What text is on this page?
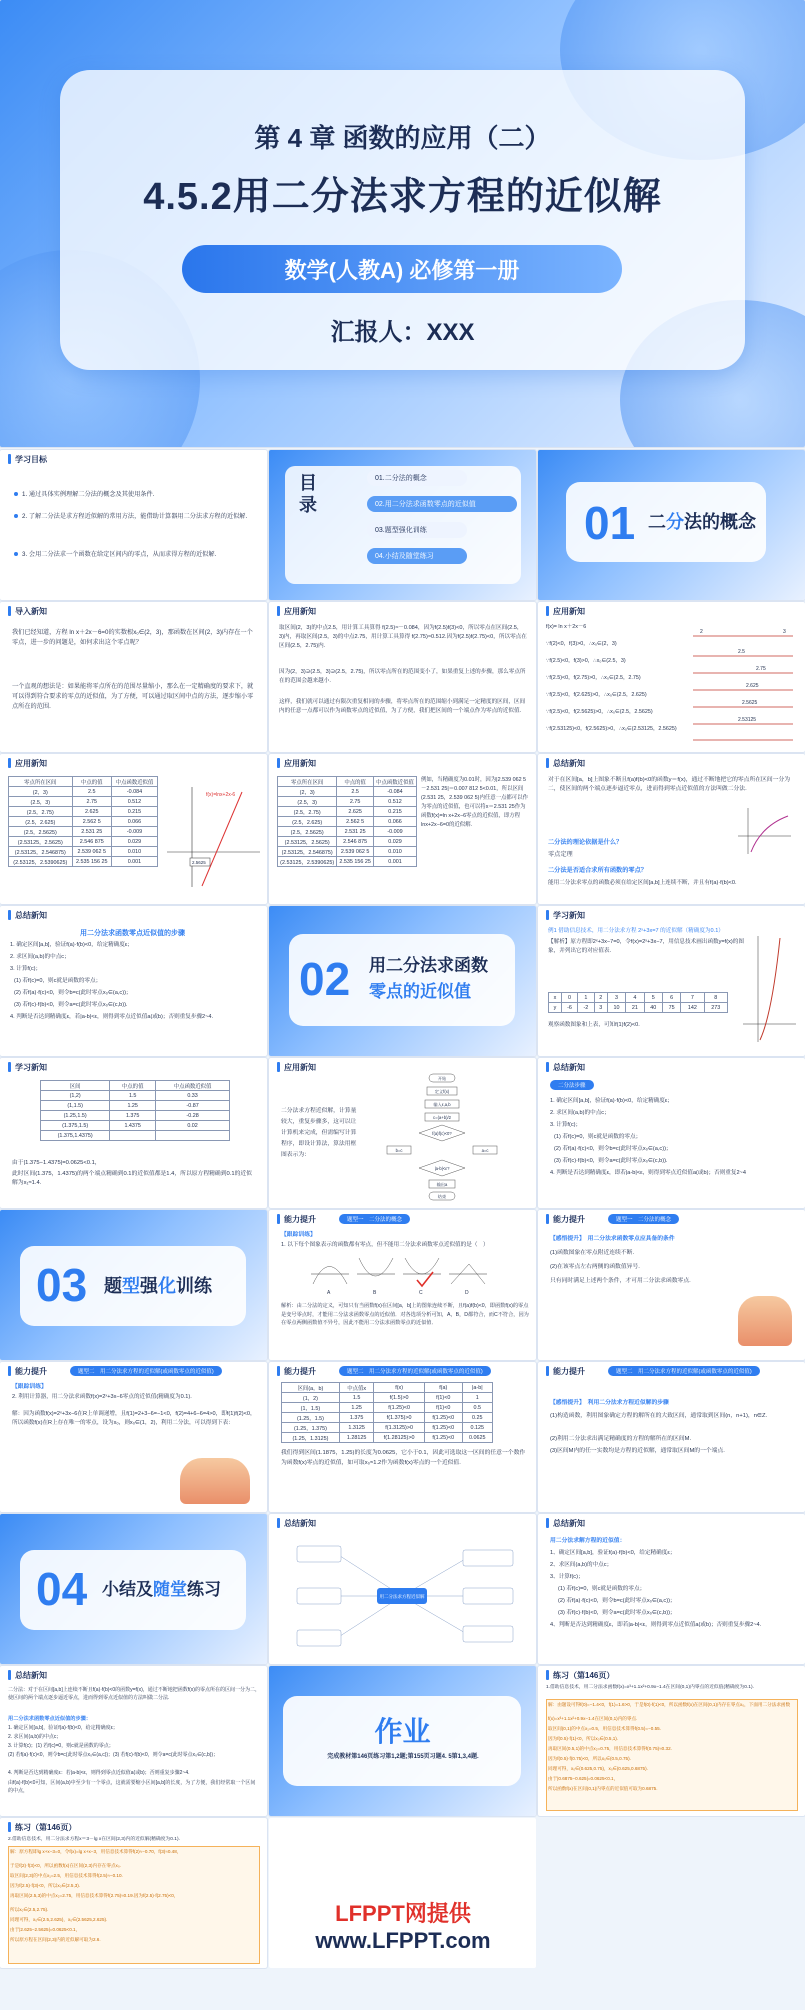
第 4 章 函数的应用（二）
4.5.2用二分法求方程的近似解
数学(人教A) 必修第一册
汇报人：XXX
学习目标
1. 通过具体实例理解二分法的概念及其使用条件.
2. 了解二分法是求方程近似解的常用方法，能借助计算器用二分法求方程的近似解.
3. 会用二分法求一个函数在给定区间内的零点，从而求得方程的近似解.
目录
01.二分法的概念
02.用二分法求函数零点的近似值
03.题型强化训练
04.小结及随堂练习
01 二分法的概念
导入新知
我们已经知道，方程 ln x＋2x－6=0的实数根x₀∈(2，3)，那函数在区间(2，3)内存在一个零点，进一步的问题是，如何求出这个零点呢？
一个直观的想法是：如果能将零点所在的范围尽量缩小，那么在一定精确度的要求下，就可以得到符合要求的零点的近似值，为了方便，可以通过取区间中点的方法，逐步缩小零点所在的范围.
应用新知
取区间(2，3)的中点2.5，用计算工具算得 f(2.5)≈－0.084，因为f(2.5)f(3)<0，所以零点在区间(2.5，3)内，再取区间(2.5，3)的中点2.75，用计算工具算得 f(2.75)≈0.512.因为f(2.5)f(2.75)<0，所以零点在区间(2.5，2.75)内.
因为(2，3)⊇(2.5，3)⊇(2.5，2.75)，所以零点所在的范围变小了，如果重复上述的步骤，那么零点所在的范围会越来越小.
这样，我们就可以通过有限次重复相同的步骤，将零点所在的范围缩小到满足一定精度的区间，区间内的任意一点都可以作为函数零点的近似值，为了方便，我们把区间的一个端点作为零点的近似值.
应用新知
f(x)= ln x＋2x－6
∵f(2)<0，f(3)>0，∴x₀∈(2，3)
∵f(2.5)<0，f(3)>0，∴x₀∈(2.5，3)
∵f(2.5)<0，f(2.75)>0，∴x₀∈(2.5，2.75)
∵f(2.5)<0，f(2.625)>0，∴x₀∈(2.5，2.625)
∵f(2.5)<0，f(2.5625)>0，∴x₀∈(2.5，2.5625)
∵f(2.53125)<0，f(2.5625)>0，∴x₀∈(2.53125，2.5625)
2	3
2.5
2.75
2.625
2.5625
2.53125
应用新知
零点所在区间	中点的值	中点函数近似值
(2，3)	2.5	-0.084
(2.5，3)	2.75	0.512
(2.5，2.75)	2.625	0.215
(2.5，2.625)	2.562 5	0.066
(2.5，2.5625)	2.531 25	-0.009
(2.53125，2.5625)	2.546 875	0.029
(2.53125，2.546875)	2.539 062 5	0.010
(2.53125，2.5390625)	2.535 156 25	0.001
f(x)=lnx+2x-6
2.5625
应用新知
零点所在区间	中点的值	中点函数近似值
(2，3)	2.5	-0.084
(2.5，3)	2.75	0.512
(2.5，2.75)	2.625	0.215
(2.5，2.625)	2.562 5	0.066
(2.5，2.5625)	2.531 25	-0.009
(2.53125，2.5625)	2.546 875	0.029
(2.53125，2.546875)	2.539 062 5	0.010
(2.53125，2.5390625)	2.535 156 25	0.001
例如，当精确度为0.01时，因为|2.539 062 5－2.531 25|＝0.007 812 5<0.01，所以区间(2.531 25，2.539 062 5)内任意一点都可以作为零点的近似值，也可以将x＝2.531 25作为函数f(x)=ln x+2x−6零点的近似值，即方程lnx+2x−6=0的近似解.
总结新知
对于在区间[a，b]上图象不断且f(a)f(b)<0的函数y＝f(x)，通过不断地把它的零点所在区间一分为二，使区间的两个端点逐步逼近零点，进而得到零点近似值的方法叫做二分法.
二分法的理论依据是什么？
零点定理
二分法是否适合求所有函数的零点？
能用二分法求零点的函数必须在给定区间[a,b]上连续不断，并且有f(a)·f(b)<0.
总结新知
用二分法求函数零点近似值的步骤
1. 确定区间[a,b]，验证f(a)·f(b)<0，给定精确度ε；
2. 求区间(a,b)的中点c；
3. 计算f(c)；
(1) 若f(c)=0，则c就是函数的零点；
(2) 若f(a)·f(c)<0，则令b=c(此时零点x₀∈(a,c))；
(3) 若f(c)·f(b)<0，则令a=c(此时零点x₀∈(c,b)).
4. 判断是否达到精确度ε，若|a-b|<ε，则得到零点近似值a(或b)；否则重复步骤2~4.
02 用二分法求函数
零点的近似值
学习新知
例1 借助信息技术，用二分法求方程 2ˣ+3x=7 的近似解（精确度为0.1）
【解析】原方程即2ˣ+3x−7=0，令f(x)=2ˣ+3x−7，用信息技术画出函数y=f(x)的图象，并列出它的对应值表.
x	0	1	2	3	4	5	6	7	8
y	-6	-2	3	10	21	40	75	142	273
观察函数图象和上表，可知f(1)f(2)<0.
学习新知
区间	中点的值	中点函数近似值
(1,2)	1.5	0.33
(1,1.5)	1.25	-0.87
(1.25,1.5)	1.375	-0.28
(1.375,1.5)	1.4375	0.02
(1.375,1.4375)		
由于|1.375−1.4375|=0.0625<0.1，
此时区间(1.375，1.4375)的两个端点精确到0.1的近似值都是1.4，所以原方程精确到0.1的近似解为x₁≈1.4.
应用新知
二分法求方程近似解，计算量较大，重复步骤多，这可以让计算机来完成，但需编写计算程序，即设计算法，算法用框图表示为：
开始
定义f(x)
输入ε,a,b
c=(a+b)/2
f(a)f(c)<0?
b=c	a=c
|a-b|<ε?
输出a
结束
总结新知
二分法步骤
1. 确定区间[a,b]，验证f(a)·f(b)<0，给定精确度ε；
2. 求区间(a,b)的中点c；
3. 计算f(c)；
(1) 若f(c)=0，则c就是函数的零点；
(2) 若f(a)·f(c)<0，则令b=c(此时零点x₀∈(a,c))；
(3) 若f(c)·f(b)<0，则令a=c(此时零点x₀∈(c,b)).
4. 判断是否达到精确度ε，即若|a-b|<ε，则得到零点近似值a(或b)；否则重复2~4
03 题型强化训练
能力提升	题型一　二分法的概念
【跟踪训练】
1. 以下每个图象表示的函数都有零点，但不能用二分法求函数零点近似值的是（　）
A	B	C	D
解析：由二分法的定义，可知只有当函数f(x)在区间[a，b]上的图象连续不断，且f(a)f(b)<0，即函数f(x)的零点是变号零点时，才能用二分法求函数零点的近似值．对各选项分析可知，A，B，D都符合，而C不符合，因为在零点两侧函数值不异号，因此不能用二分法求函数零点的近似值．
能力提升	题型一　二分法的概念
【感悟提升】　用二分法求函数零点应具备的条件
(1)函数图象在零点附近连续不断.
(2)在该零点左右两侧的函数值异号.
只有同时满足上述两个条件，才可用二分法求函数零点.
能力提升	题型二　用二分法求方程的近似解(或函数零点的近似值)
【跟踪训练】
2. 利用计算器，用二分法求函数f(x)=2ˣ+3x−6零点的近似值(精确度为0.1).
解：因为函数f(x)=2ˣ+3x−6在R上单调递增，且f(1)=2+3−6=−1<0，f(2)=4+6−6=4>0，即f(1)f(2)<0，所以函数f(x)在R上存在唯一的零点，设为x₀，则x₀∈(1，2)，利用二分法，可以得到下表：
能力提升	题型二　用二分法求方程的近似解(或函数零点的近似值)
区间(a，b)	中点值x	f(x)	f(a)	|a-b|
(1，2)	1.5	f(1.5)>0	f(1)<0	1
(1，1.5)	1.25	f(1.25)<0	f(1)<0	0.5
(1.25，1.5)	1.375	f(1.375)>0	f(1.25)<0	0.25
(1.25，1.375)	1.3125	f(1.3125)>0	f(1.25)<0	0.125
(1.25，1.3125)	1.28125	f(1.28125)>0	f(1.25)<0	0.0625
我们得到区间(1.1875，1.25)的长度为0.0625，它小于0.1，因此可选取这一区间的任意一个数作为函数f(x)零点的近似值，如可取x₀≈1.2作为函数f(x)零点的一个近似值.
能力提升	题型二　用二分法求方程的近似解(或函数零点的近似值)
【感悟提升】　利用二分法求方程近似解的步骤
(1)构造函数，利用图象确定方程的解所在的大致区间，通常取到区间(n，n+1)，n∈Z.
(2)利用二分法求出满足精确度的方程的解所在的区间M.
(3)区间M内的任一实数均是方程的近似解，通常取区间M的一个端点.
04 小结及随堂练习
总结新知
用二分法求方程近似解
总结新知
用二分法求解方程的近似值：
1、确定区间[a,b]，验证f(a)·f(b)<0，给定精确度ε；
2、求区间(a,b)的中点c；
3、计算f(c)；
(1) 若f(c)=0，则c就是函数的零点；
(2) 若f(a)·f(c)<0，则令b=c(此时零点x₀∈(a,c))；
(3) 若f(c)·f(b)<0，则令a=c(此时零点x₀∈(c,b))；
4、判断是否达到精确度ε，即若|a-b|<ε，则得到零点近似值a(或b)；否则重复步骤2~4.
总结新知
二分法：对于在区间[a,b]上连续不断且f(a)·f(b)<0的函数y=f(x)，通过不断地把函数f(x)的零点所在的区间一分为二，使区间的两个端点逐步逼近零点，进而得到零点近似值的方法叫做二分法.
用二分法求函数零点近似值的步骤：
1. 确定区间[a,b]，验证f(a)·f(b)<0，给定精确度ε；
2. 求区间(a,b)的中点c；
3. 计算f(c)；(1) 若f(c)=0，则c就是函数的零点；
(2) 若f(a)·f(c)<0，则令b=c(此时零点x₀∈(a,c))；(3) 若f(c)·f(b)<0，则令a=c(此时零点x₀∈(c,b))；
4. 判断是否达到精确度ε：若|a-b|<ε，则得到零点近似值a(或b)；否则重复步骤2~4.
由f(a)·f(b)<0可知，区间(a,b)中至少有一个零点，这就需要缩小区间[a,b]的长度，为了方便，我们经常取一个区间的中点，
作业
完成教材第146页练习第1,2题;第155页习题4. 5第1,3,4题.
练习（第146页）
1.借助信息技术，用二分法求函数f(x)=x³+1.1x²+0.9x−1.4在区间(0,1)内零点的近似值(精确度为0.1).
解：由题设可得f(0)=−1.4<0，f(1)=1.6>0，于是f(0)·f(1)<0，所以函数f(x)在区间(0,1)内存在零点x₀，下面用二分法求函数
f(x)=x³+1.1x²+0.9x−1.4在区间(0,1)内的零点.
取区间(0,1)的中点x₁=0.5，用信息技术算得f(0.5)=−0.55.
因为f(0.5)·f(1)<0，所以x₀∈(0.5,1).
再取区间(0.5,1)的中点x₂=0.75，用信息技术算得f(0.75)≈0.32.
因为f(0.5)·f(0.75)<0，所以x₀∈(0.5,0.75).
同理可得，x₀∈(0.625,0.75)，x₀∈(0.625,0.6875).
由于|0.6875−0.625|=0.0625<0.1，
所以函数f(x)在区间(0,1)内零点的近似值可取为0.6875.
练习（第146页）
2.借助信息技术，用二分法求方程x＝3－lg x在区间(2,3)内的近似解(精确度为0.1).
解：原方程即lg x+x−3=0，令f(x)=lg x+x−3，用信息技术算得f(2)≈−0.70，f(3)≈0.48，
于是f(2)·f(3)<0，所以函数f(x)在区间(2,3)内存在零点x₀.
取区间(2,3)的中点x₁=2.5，用信息技术算得f(2.5)≈−0.10.
因为f(2.5)·f(3)<0，所以x₀∈(2.5,3).
再取区间(2.5,3)的中点x₂=2.75，用信息技术算得f(2.75)≈0.19.因为f(2.5)·f(2.75)<0，
所以x₀∈(2.5,2.75).
同理可得，x₀∈(2.5,2.625)，x₀∈(2.5625,2.625).
由于|2.625−2.5625|=0.0625<0.1，
所以原方程在区间(2,3)内的近似解可取为2.6.
LFPPT网提供
www.LFPPT.com
